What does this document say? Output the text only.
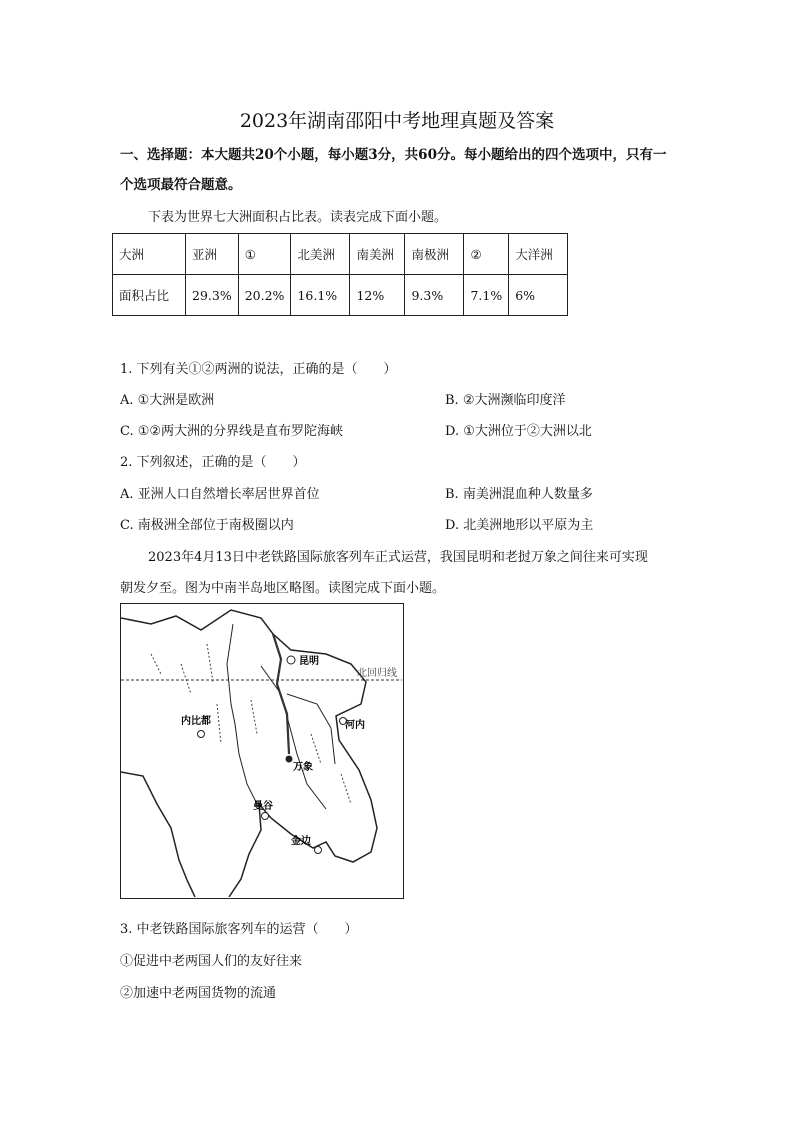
2023年湖南邵阳中考地理真题及答案
一、选择题：本大题共20个小题，每小题3分，共60分。每小题给出的四个选项中，只有一
个选项最符合题意。
下表为世界七大洲面积占比表。读表完成下面小题。
大洲	亚洲	①	北美洲	南美洲	南极洲	②	大洋洲
面积占比	29.3%	20.2%	16.1%	12%	9.3%	7.1%	6%
1. 下列有关①②两洲的说法，正确的是（　　）
A. ①大洲是欧洲	B. ②大洲濒临印度洋
C. ①②两大洲的分界线是直布罗陀海峡	D. ①大洲位于②大洲以北
2. 下列叙述，正确的是（　　）
A. 亚洲人口自然增长率居世界首位	B. 南美洲混血种人数量多
C. 南极洲全部位于南极圈以内	D. 北美洲地形以平原为主
2023年4月13日中老铁路国际旅客列车正式运营，我国昆明和老挝万象之间往来可实现
朝发夕至。图为中南半岛地区略图。读图完成下面小题。
北回归线
昆明
河内
内比都
万象
曼谷
金边
3. 中老铁路国际旅客列车的运营（　　）
①促进中老两国人们的友好往来
②加速中老两国货物的流通
